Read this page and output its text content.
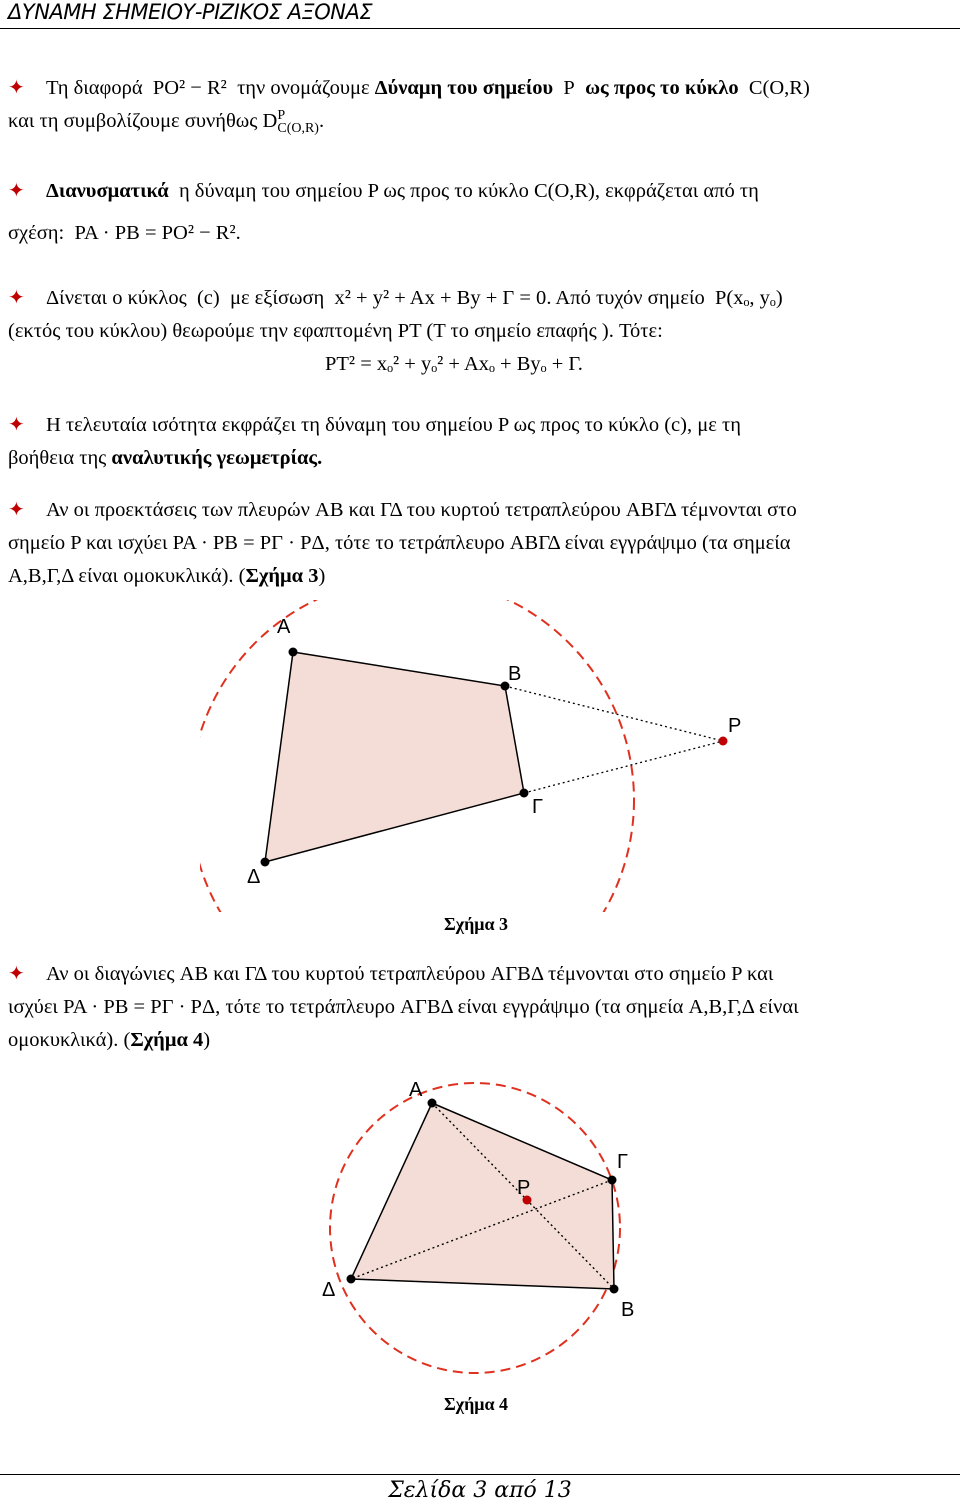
ΔΥΝΑΜΗ ΣΗΜΕΙΟΥ-ΡΙΖΙΚΟΣ ΑΞΟΝΑΣ
✦ Τη διαφορά PO² − R² την ονομάζουμε Δύναμη του σημείου P ως προς το κύκλο C(O,R)
και τη συμβολίζουμε συνήθως D P
C(O,R) .
✦ Διανυσματικά η δύναμη του σημείου P ως προς το κύκλο C(O,R), εκφράζεται από τη
σχέση: PA · PB = PO² − R².
✦ Δίνεται ο κύκλος (c) με εξίσωση x² + y² + Ax + By + Γ = 0. Από τυχόν σημείο P(xₒ, yₒ)
(εκτός του κύκλου) θεωρούμε την εφαπτομένη PT (T το σημείο επαφής ). Τότε:
PT² = xₒ² + yₒ² + Axₒ + Byₒ + Γ.
✦ Η τελευταία ισότητα εκφράζει τη δύναμη του σημείου P ως προς το κύκλο (c), με τη
βοήθεια της αναλυτικής γεωμετρίας.
✦ Αν οι προεκτάσεις των πλευρών AB και ΓΔ του κυρτού τετραπλεύρου ABΓΔ τέμνονται στο
σημείο P και ισχύει PA · PB = PΓ · PΔ, τότε το τετράπλευρο ABΓΔ είναι εγγράψιμο (τα σημεία
A,B,Γ,Δ είναι ομοκυκλικά). (Σχήμα 3)
A
B
P
Γ
Δ
Σχήμα 3
✦ Αν οι διαγώνιες AB και ΓΔ του κυρτού τετραπλεύρου AΓBΔ τέμνονται στο σημείο P και
ισχύει PA · PB = PΓ · PΔ, τότε το τετράπλευρο AΓBΔ είναι εγγράψιμο (τα σημεία A,B,Γ,Δ είναι
ομοκυκλικά). (Σχήμα 4)
A
Γ
P
Δ
B
Σχήμα 4
Σελίδα 3 από 13
